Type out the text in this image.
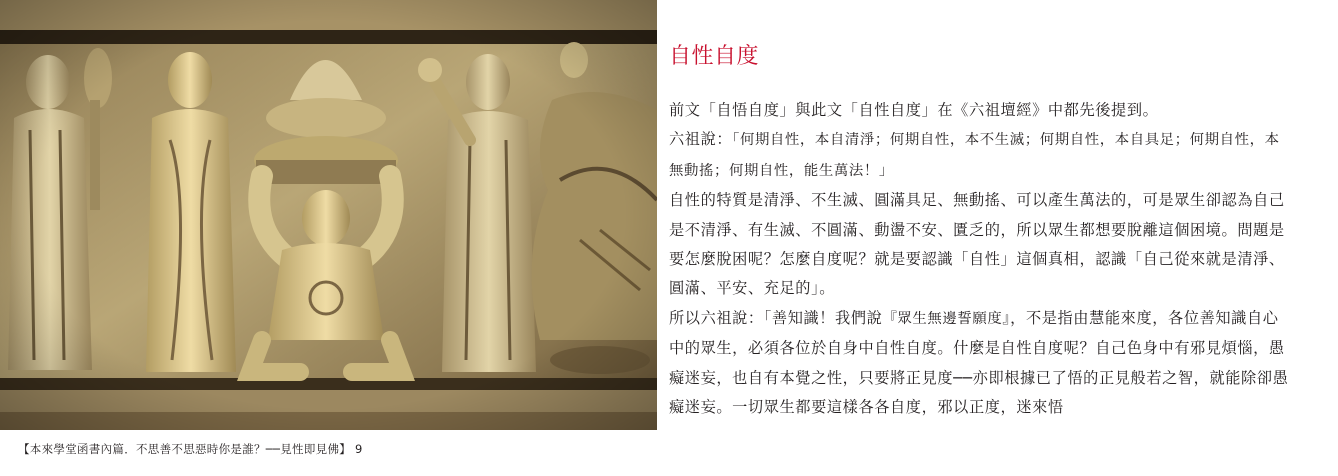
自性自度

前文「自悟自度」與此文「自性自度」在《六祖壇經》中都先後提到。

六祖說：「何期自性，本自清淨；何期自性，本不生滅；何期自性，本自具足；何期自性，本無動搖；何期自性，能生萬法！」

自性的特質是清淨、不生滅、圓滿具足、無動搖、可以產生萬法的，可是眾生卻認為自己是不清淨、有生滅、不圓滿、動盪不安、匱乏的，所以眾生都想要脫離這個困境。問題是要怎麼脫困呢？怎麼自度呢？就是要認識「自性」這個真相，認識「自己從來就是清淨、圓滿、平安、充足的」。

所以六祖說：「善知識！我們說『眾生無邊誓願度』，不是指由慧能來度，各位善知識自心中的眾生，必須各位於自身中自性自度。什麼是自性自度呢？自己色身中有邪見煩惱，愚癡迷妄，也自有本覺之性，只要將正見度──亦即根據已了悟的正見般若之智，就能除卻愚癡迷妄。一切眾生都要這樣各各自度，邪以正度，迷來悟

【本來學堂函書內篇．不思善不思惡時你是誰？──見性即見佛】 9
